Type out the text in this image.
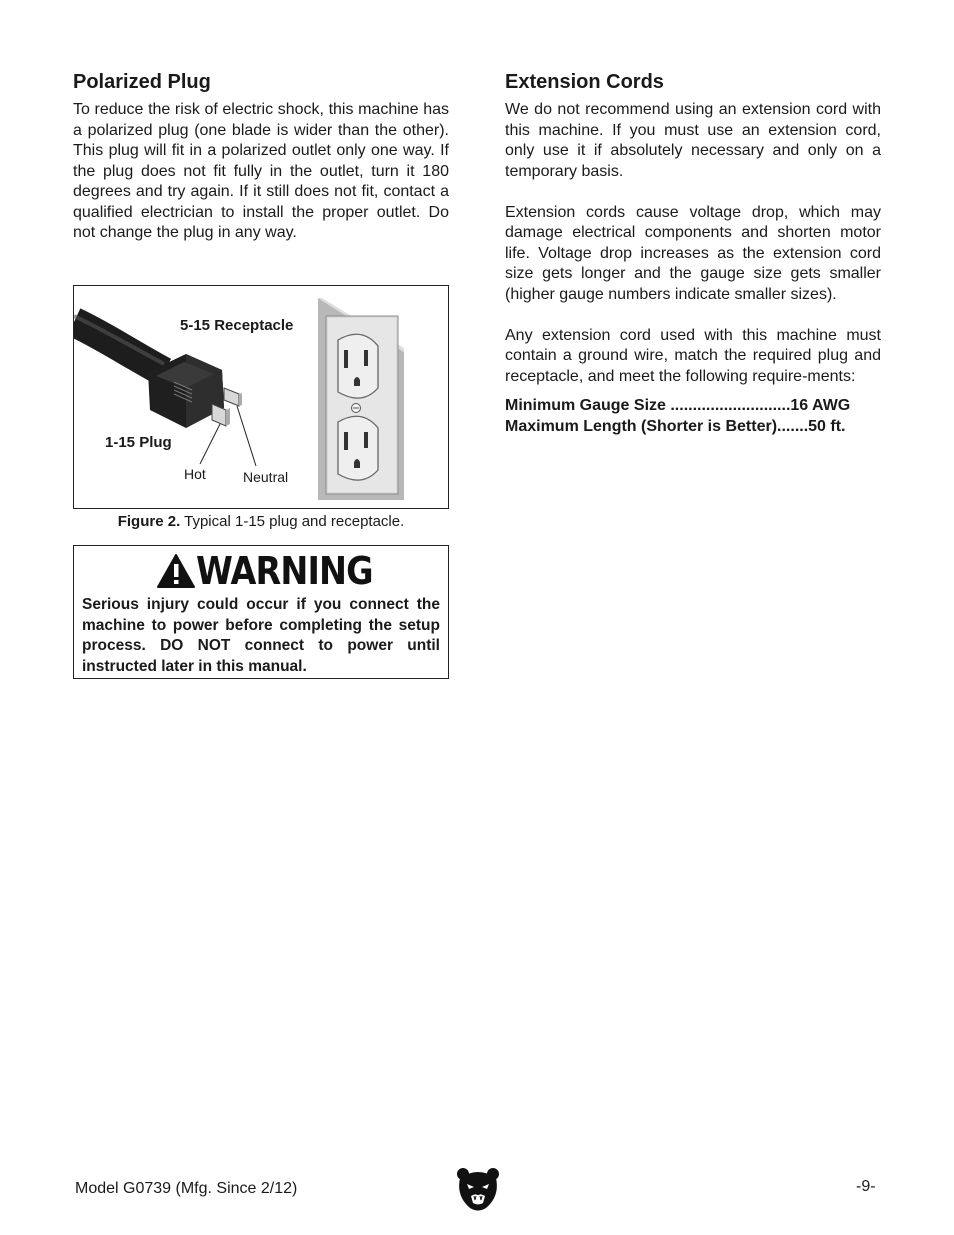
Polarized Plug

To reduce the risk of electric shock, this machine has a polarized plug (one blade is wider than the other). This plug will fit in a polarized outlet only one way. If the plug does not fit fully in the outlet, turn it 180 degrees and try again. If it still does not fit, contact a qualified electrician to install the proper outlet. Do not change the plug in any way.

5-15 Receptacle
1-15 Plug
Hot	Neutral
Figure 2. Typical 1-15 plug and receptacle.
WARNING
Serious injury could occur if you connect the machine to power before completing the setup process. DO NOT connect to power until instructed later in this manual.
Extension Cords

We do not recommend using an extension cord with this machine. If you must use an extension cord, only use it if absolutely necessary and only on a temporary basis.

Extension cords cause voltage drop, which may damage electrical components and shorten motor life. Voltage drop increases as the extension cord size gets longer and the gauge size gets smaller (higher gauge numbers indicate smaller sizes).

Any extension cord used with this machine must contain a ground wire, match the required plug and receptacle, and meet the following require-ments:

Minimum Gauge Size ...........................16 AWG
Maximum Length (Shorter is Better).......50 ft.
Model G0739 (Mfg. Since 2/12)	-9-
